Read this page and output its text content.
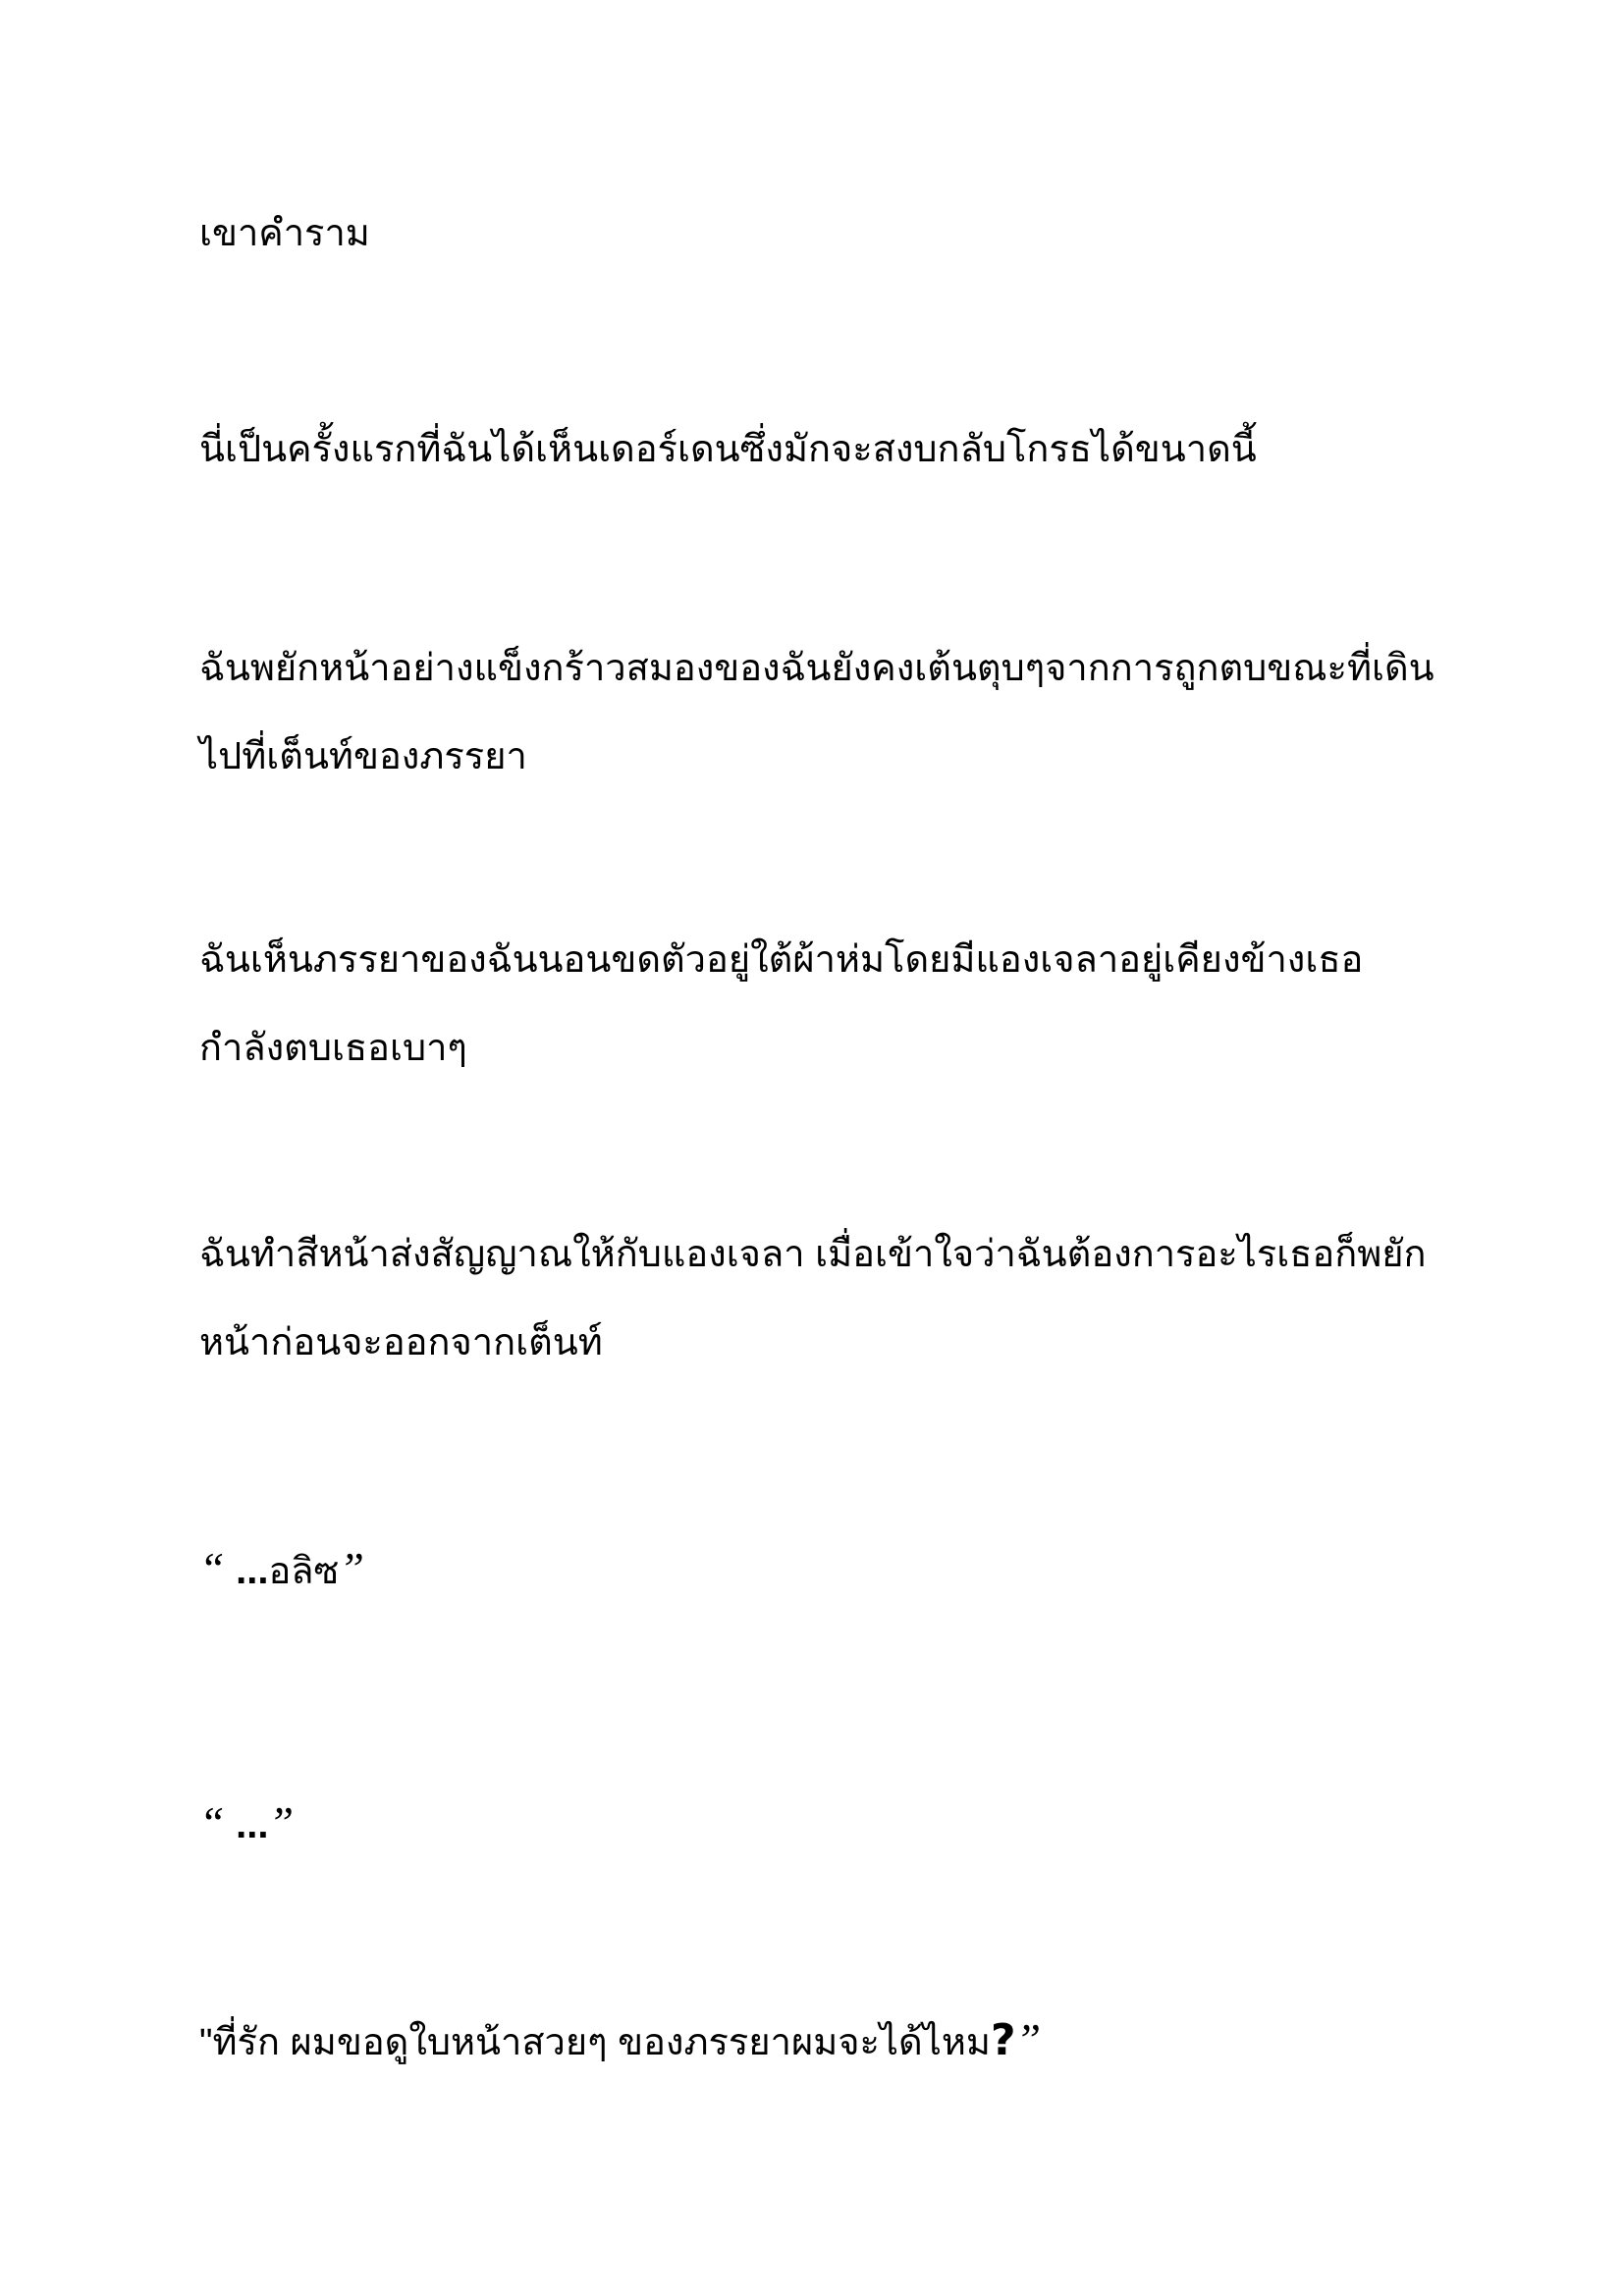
เขาคำราม

นี่เป็นครั้งแรกที่ฉันได้เห็นเดอร์เดนซึ่งมักจะสงบกลับโกรธได้ขนาดนี้

ฉันพยักหน้าอย่างแข็งกร้าวสมองของฉันยังคงเต้นตุบๆจากการถูกตบขณะที่เดินไปที่เต็นท์ของภรรยา

ฉันเห็นภรรยาของฉันนอนขดตัวอยู่ใต้ผ้าห่มโดยมีแองเจลาอยู่เคียงข้างเธอกำลังตบเธอเบาๆ

ฉันทำสีหน้าส่งสัญญาณให้กับแองเจลา เมื่อเข้าใจว่าฉันต้องการอะไรเธอก็พยักหน้าก่อนจะออกจากเต็นท์

“ ...อลิซ”

“ ...”

"ที่รัก ผมขอดูใบหน้าสวยๆ ของภรรยาผมจะได้ไหม?”
